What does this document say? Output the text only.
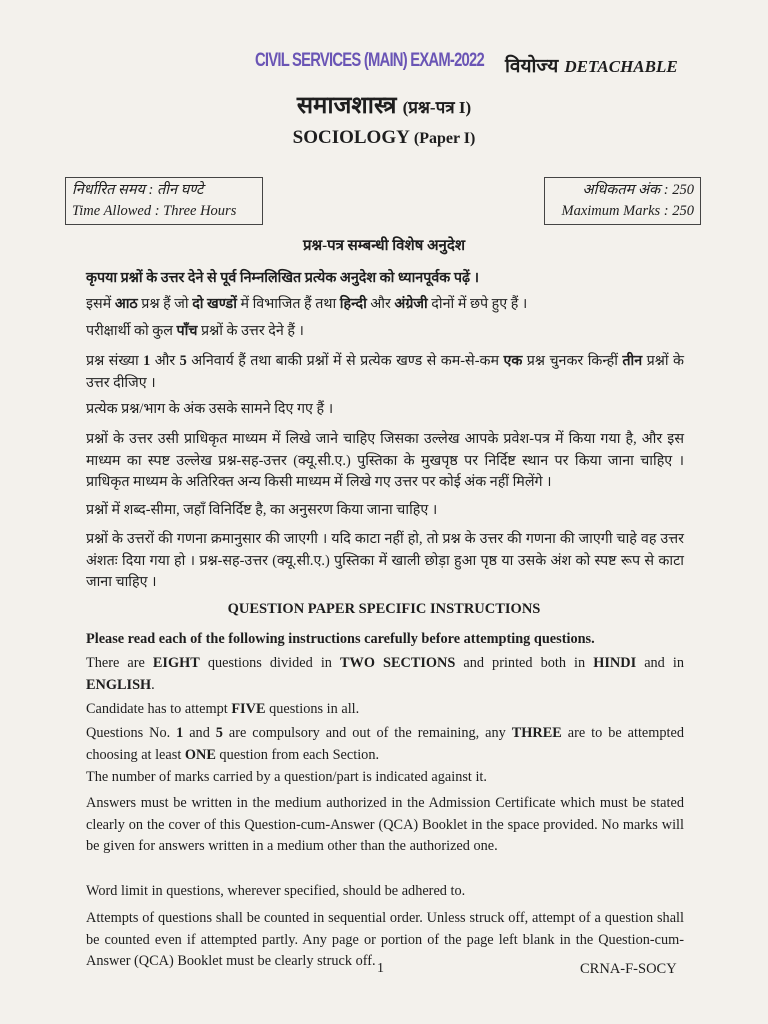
CIVIL SERVICES (MAIN) EXAM-2022 वियोज्य DETACHABLE
समाजशास्त्र (प्रश्न-पत्र I)
SOCIOLOGY (Paper I)
निर्धारित समय : तीन घण्टे
Time Allowed : Three Hours
अधिकतम अंक : 250
Maximum Marks : 250
प्रश्न-पत्र सम्बन्धी विशेष अनुदेश
कृपया प्रश्नों के उत्तर देने से पूर्व निम्नलिखित प्रत्येक अनुदेश को ध्यानपूर्वक पढ़ें ।
इसमें आठ प्रश्न हैं जो दो खण्डों में विभाजित हैं तथा हिन्दी और अंग्रेजी दोनों में छपे हुए हैं ।
परीक्षार्थी को कुल पाँच प्रश्नों के उत्तर देने हैं ।
प्रश्न संख्या 1 और 5 अनिवार्य हैं तथा बाकी प्रश्नों में से प्रत्येक खण्ड से कम-से-कम एक प्रश्न चुनकर किन्हीं तीन प्रश्नों के उत्तर दीजिए ।
प्रत्येक प्रश्न/भाग के अंक उसके सामने दिए गए हैं ।
प्रश्नों के उत्तर उसी प्राधिकृत माध्यम में लिखे जाने चाहिए जिसका उल्लेख आपके प्रवेश-पत्र में किया गया है, और इस माध्यम का स्पष्ट उल्लेख प्रश्न-सह-उत्तर (क्यू.सी.ए.) पुस्तिका के मुखपृष्ठ पर निर्दिष्ट स्थान पर किया जाना चाहिए । प्राधिकृत माध्यम के अतिरिक्त अन्य किसी माध्यम में लिखे गए उत्तर पर कोई अंक नहीं मिलेंगे ।
प्रश्नों में शब्द-सीमा, जहाँ विनिर्दिष्ट है, का अनुसरण किया जाना चाहिए ।
प्रश्नों के उत्तरों की गणना क्रमानुसार की जाएगी । यदि काटा नहीं हो, तो प्रश्न के उत्तर की गणना की जाएगी चाहे वह उत्तर अंशतः दिया गया हो । प्रश्न-सह-उत्तर (क्यू.सी.ए.) पुस्तिका में खाली छोड़ा हुआ पृष्ठ या उसके अंश को स्पष्ट रूप से काटा जाना चाहिए ।
QUESTION PAPER SPECIFIC INSTRUCTIONS
Please read each of the following instructions carefully before attempting questions.
There are EIGHT questions divided in TWO SECTIONS and printed both in HINDI and in ENGLISH.
Candidate has to attempt FIVE questions in all.
Questions No. 1 and 5 are compulsory and out of the remaining, any THREE are to be attempted choosing at least ONE question from each Section.
The number of marks carried by a question/part is indicated against it.
Answers must be written in the medium authorized in the Admission Certificate which must be stated clearly on the cover of this Question-cum-Answer (QCA) Booklet in the space provided. No marks will be given for answers written in a medium other than the authorized one.
Word limit in questions, wherever specified, should be adhered to.
Attempts of questions shall be counted in sequential order. Unless struck off, attempt of a question shall be counted even if attempted partly. Any page or portion of the page left blank in the Question-cum-Answer (QCA) Booklet must be clearly struck off. 1	CRNA-F-SOCY
